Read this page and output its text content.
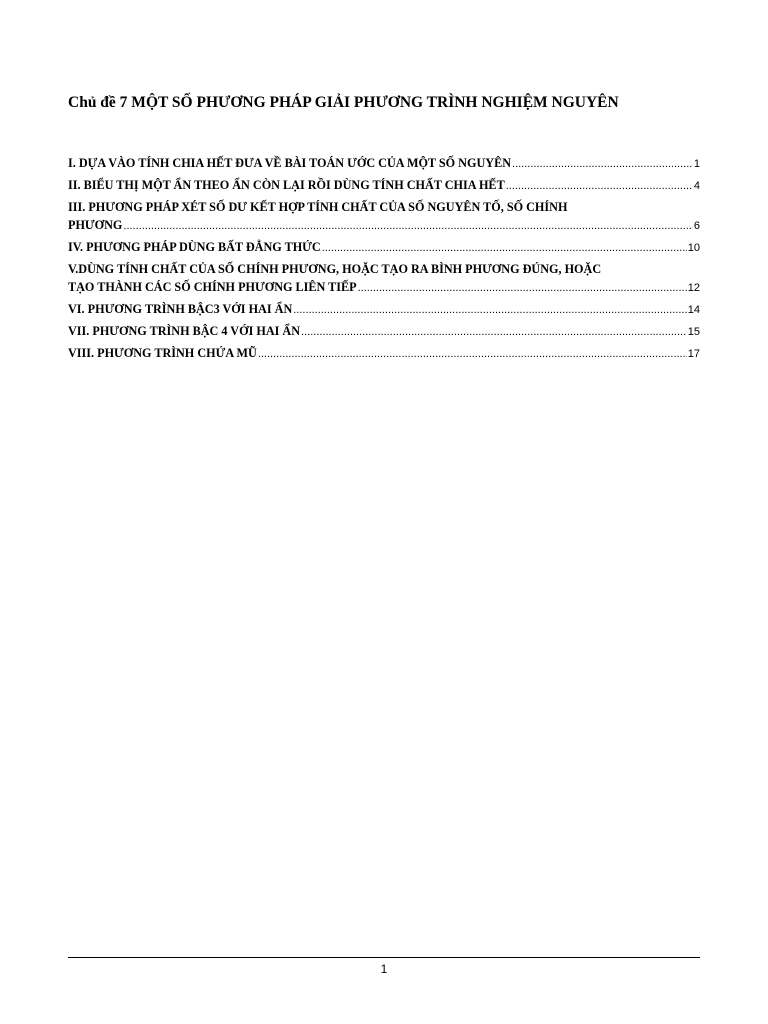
Chủ đề 7 MỘT SỐ PHƯƠNG PHÁP GIẢI PHƯƠNG TRÌNH NGHIỆM NGUYÊN
I. DỰA VÀO TÍNH CHIA HẾT ĐƯA VỀ BÀI TOÁN ƯỚC CỦA MỘT SỐ NGUYÊN .....	1
II. BIỂU THỊ MỘT ẨN THEO ẨN CÒN LẠI RỒI DÙNG TÍNH CHẤT CHIA HẾT .....	4
III. PHƯƠNG PHÁP XÉT SỐ DƯ KẾT HỢP TÍNH CHẤT CỦA SỐ NGUYÊN TỐ, SỐ CHÍNH
PHƯƠNG .....	6
IV. PHƯƠNG PHÁP DÙNG BẤT ĐẲNG THỨC .....	10
V.DÙNG TÍNH CHẤT CỦA SỐ CHÍNH PHƯƠNG, HOẶC TẠO RA BÌNH PHƯƠNG ĐÚNG, HOẶC
TẠO THÀNH CÁC SỐ CHÍNH PHƯƠNG LIÊN TIẾP .....	12
VI. PHƯƠNG TRÌNH BẬC3 VỚI HAI ẨN .....	14
VII. PHƯƠNG TRÌNH BẬC 4 VỚI HAI ẨN .....	15
VIII. PHƯƠNG TRÌNH CHỨA MŨ .....	17
1
